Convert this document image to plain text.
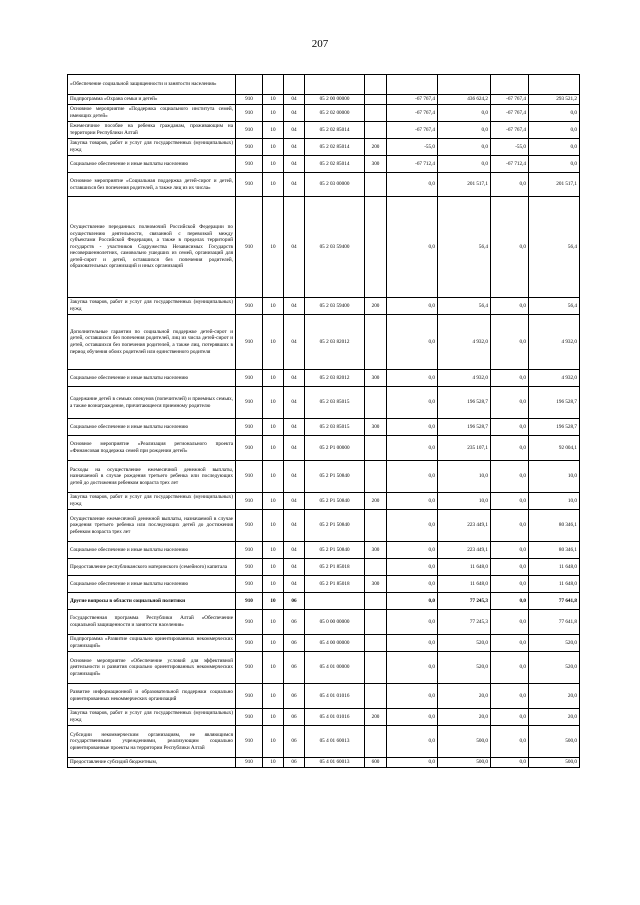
207
«Обеспечение социальной защищенности и занятости населения»									
Подпрограмма «Охрана семьи и детей»	910	10	04	05 2 00 00000		-67 767,4	436 624,2	-67 767,4	293 521,2
Основное мероприятие «Поддержка социального института семей, имеющих детей»	910	10	04	05 2 02 00000		-67 767,4	0,0	-67 767,4	0,0
Ежемесячное пособие на ребенка гражданам, проживающим на территории Республики Алтай	910	10	04	05 2 02 85014		-67 767,4	0,0	-67 767,4	0,0
Закупка товаров, работ и услуг для государственных (муниципальных) нужд	910	10	04	05 2 02 85014	200	-55,0	0,0	-55,0	0,0
Социальное обеспечение и иные выплаты населению	910	10	04	05 2 02 85014	300	-67 712,4	0,0	-67 712,4	0,0
Основное мероприятие «Социальная поддержка детей-сирот и детей, оставшихся без попечения родителей, а также лиц из их числа»	910	10	04	05 2 03 00000		0,0	201 517,1	0,0	201 517,1
Осуществление переданных полномочий Российской Федерации по осуществлению деятельности, связанной с перевозкой между субъектами Российской Федерации, а также в пределах территорий государств - участников Содружества Независимых Государств несовершеннолетних, самовольно ушедших из семей, организаций для детей-сирот и детей, оставшихся без попечения родителей, образовательных организаций и иных организаций	910	10	04	05 2 03 59400		0,0	56,4	0,0	56,4
Закупка товаров, работ и услуг для государственных (муниципальных) нужд	910	10	04	05 2 03 59400	200	0,0	56,4	0,0	56,4
Дополнительные гарантии по социальной поддержке детей-сирот и детей, оставшихся без попечения родителей, лиц из числа детей-сирот и детей, оставшихся без попечения родителей, а также лиц, потерявших в период обучения обоих родителей или единственного родителя	910	10	04	05 2 03 82012		0,0	4 932,0	0,0	4 932,0
Социальное обеспечение и иные выплаты населению	910	10	04	05 2 03 82012	300	0,0	4 932,0	0,0	4 932,0
Содержание детей в семьях опекунов (попечителей) и приемных семьях, а также вознаграждение, причитающееся приемному родителю	910	10	04	05 2 03 85015		0,0	196 528,7	0,0	196 528,7
Социальное обеспечение и иные выплаты населению	910	10	04	05 2 03 85015	300	0,0	196 528,7	0,0	196 528,7
Основное мероприятие «Реализация регионального проекта «Финансовая поддержка семей при рождении детей»	910	10	04	05 2 P1 00000		0,0	235 107,1	0,0	92 004,1
Расходы на осуществление ежемесячной денежной выплаты, назначаемой в случае рождения третьего ребенка или последующих детей до достижения ребенком возраста трех лет	910	10	04	05 2 P1 50840		0,0	10,0	0,0	10,0
Закупка товаров, работ и услуг для государственных (муниципальных) нужд	910	10	04	05 2 P1 50840	200	0,0	10,0	0,0	10,0
Осуществление ежемесячной денежной выплаты, назначаемой в случае рождения третьего ребенка или последующих детей до достижения ребенком возраста трех лет	910	10	04	05 2 P1 50840		0,0	223 449,1	0,0	80 346,1
Социальное обеспечение и иные выплаты населению	910	10	04	05 2 P1 50840	300	0,0	223 449,1	0,0	80 346,1
Предоставление республиканского материнского (семейного) капитала	910	10	04	05 2 P1 85018		0,0	11 648,0	0,0	11 648,0
Социальное обеспечение и иные выплаты населению	910	10	04	05 2 P1 85018	300	0,0	11 648,0	0,0	11 648,0
Другие вопросы в области социальной политики	910	10	06			0,0	77 245,3	0,0	77 641,8
Государственная программа Республики Алтай «Обеспечение социальной защищенности и занятости населения»	910	10	06	05 0 00 00000		0,0	77 245,3	0,0	77 641,8
Подпрограмма «Развитие социально ориентированных некоммерческих организаций»	910	10	06	05 4 00 00000		0,0	520,0	0,0	520,0
Основное мероприятие «Обеспечение условий для эффективной деятельности и развития социально ориентированных некоммерческих организаций»	910	10	06	05 4 01 00000		0,0	520,0	0,0	520,0
Развитие информационной и образовательной поддержки социально ориентированных некоммерческих организаций	910	10	06	05 4 01 01016		0,0	20,0	0,0	20,0
Закупка товаров, работ и услуг для государственных (муниципальных) нужд	910	10	06	05 4 01 01016	200	0,0	20,0	0,0	20,0
Субсидии некоммерческим организациям, не являющимся государственными учреждениями, реализующим социально ориентированные проекты на территории Республики Алтай	910	10	06	05 4 01 60013		0,0	500,0	0,0	500,0
Предоставление субсидий бюджетным,	910	10	06	05 4 01 60013	600	0,0	500,0	0,0	500,0
